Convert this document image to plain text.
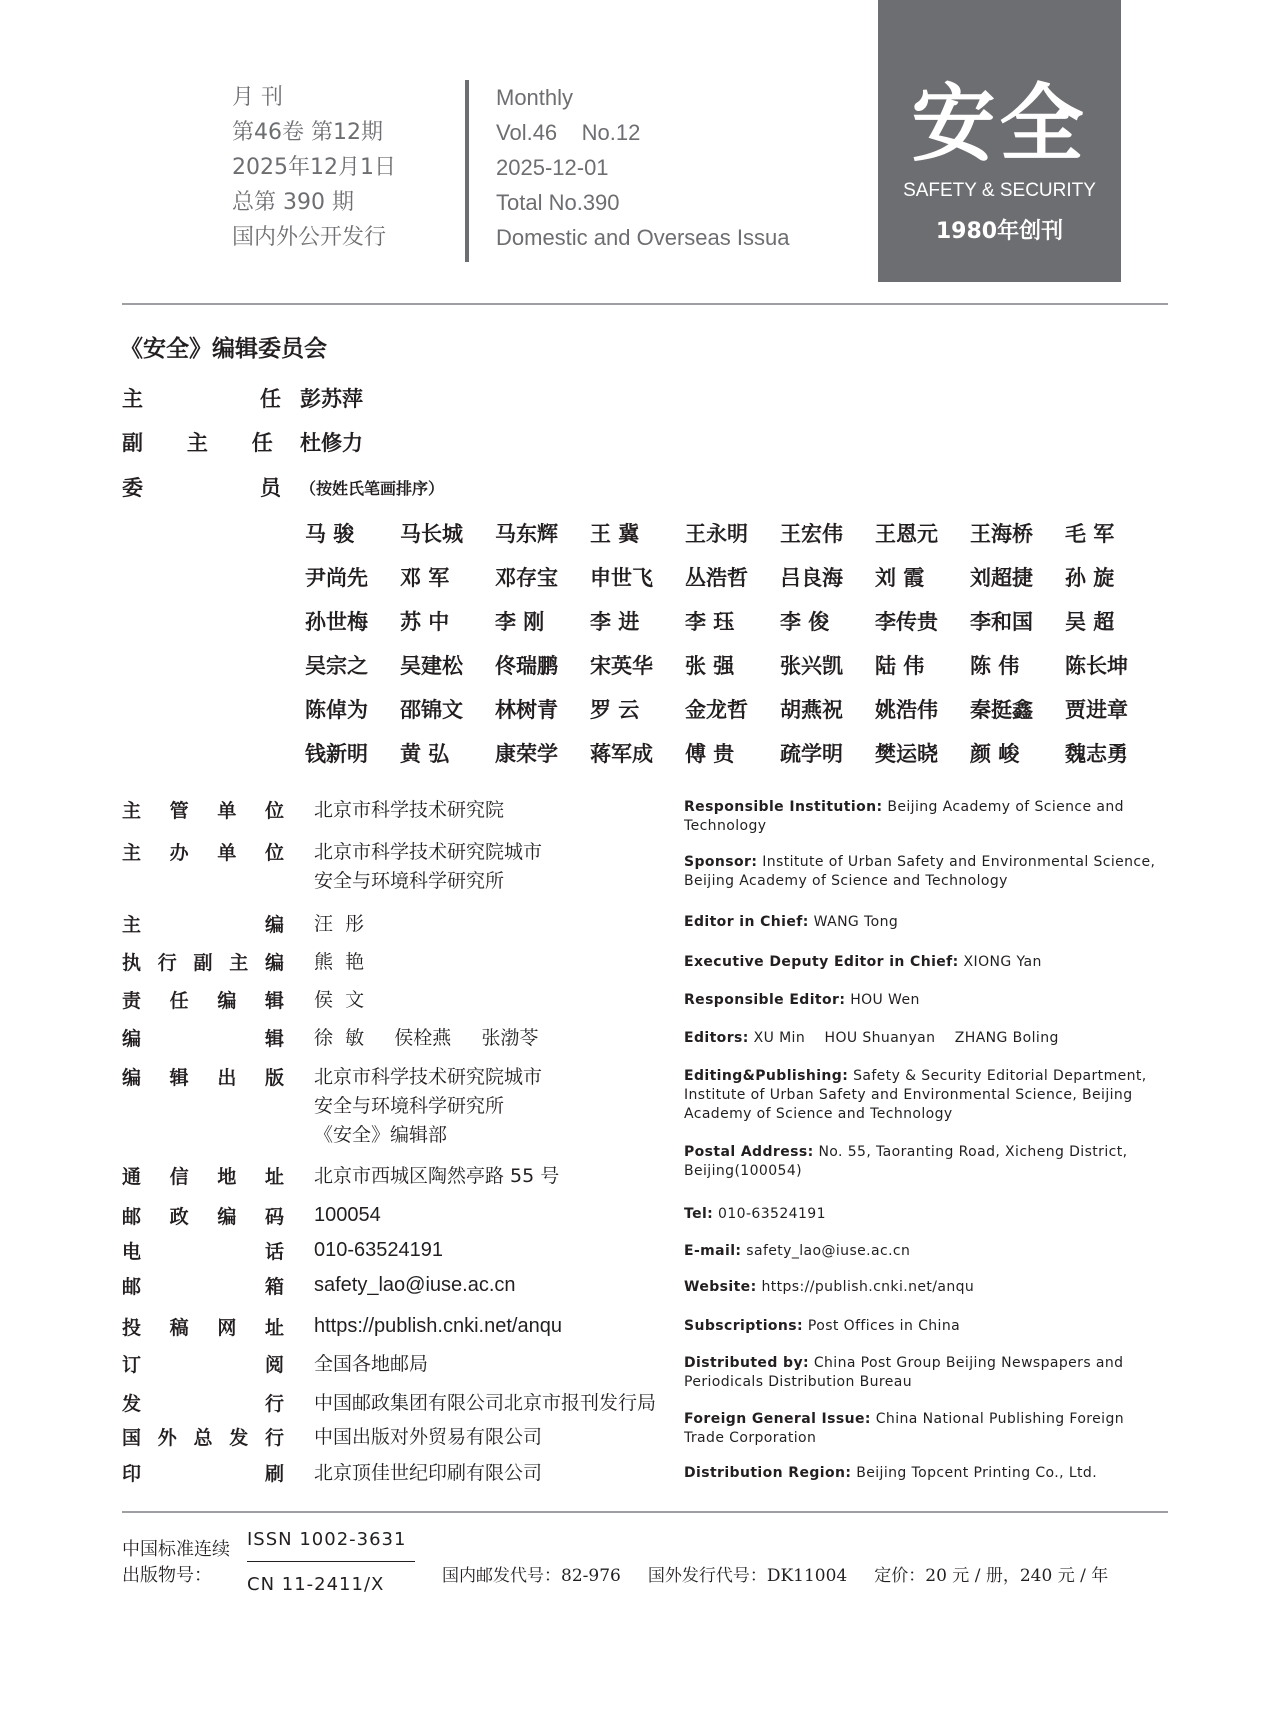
月 刊
第46卷 第12期
2025年12月1日
总第 390 期
国内外公开发行
Monthly
Vol.46    No.12
2025-12-01
Total No.390
Domestic and Overseas Issua
安全
SAFETY & SECURITY
1980年创刊
《安全》编辑委员会
主                任 彭苏萍
副      主      任 杜修力
委                员 （按姓氏笔画排序）
马 骏 马长城 马东辉 王 冀 王永明 王宏伟 王恩元 王海桥 毛 军
尹尚先 邓 军 邓存宝 申世飞 丛浩哲 吕良海 刘 霞 刘超捷 孙 旋
孙世梅 苏 中 李 刚 李 进 李 珏 李 俊 李传贵 李和国 吴 超
吴宗之 吴建松 佟瑞鹏 宋英华 张 强 张兴凯 陆 伟 陈 伟 陈长坤
陈倬为 邵锦文 林树青 罗 云 金龙哲 胡燕祝 姚浩伟 秦挺鑫 贾进章
钱新明 黄 弘 康荣学 蒋军成 傅 贵 疏学明 樊运晓 颜 峻 魏志勇
主管单位 北京市科学技术研究院
主办单位 北京市科学技术研究院城市
安全与环境科学研究所
主编 汪  彤
执行副主编 熊  艳
责任编辑 侯  文
编辑 徐  敏     侯栓燕     张渤苓
编辑出版 北京市科学技术研究院城市
安全与环境科学研究所
《安全》编辑部
通信地址 北京市西城区陶然亭路 55 号
邮政编码 100054
电话 010-63524191
邮箱 safety_lao@iuse.ac.cn
投稿网址 https://publish.cnki.net/anqu
订阅 全国各地邮局
发行 中国邮政集团有限公司北京市报刊发行局
国外总发行 中国出版对外贸易有限公司
印刷 北京顶佳世纪印刷有限公司
Responsible Institution: Beijing Academy of Science and Technology
Sponsor: Institute of Urban Safety and Environmental Science, Beijing Academy of Science and Technology
Editor in Chief: WANG Tong
Executive Deputy Editor in Chief: XIONG Yan
Responsible Editor: HOU Wen
Editors: XU Min    HOU Shuanyan    ZHANG Boling
Editing&Publishing: Safety & Security Editorial Department, Institute of Urban Safety and Environmental Science, Beijing Academy of Science and Technology
Postal Address: No. 55, Taoranting Road, Xicheng District, Beijing(100054)
Tel: 010-63524191
E-mail: safety_lao@iuse.ac.cn
Website: https://publish.cnki.net/anqu
Subscriptions: Post Offices in China
Distributed by: China Post Group Beijing Newspapers and Periodicals Distribution Bureau
Foreign General Issue: China National Publishing Foreign Trade Corporation
Distribution Region: Beijing Topcent Printing Co., Ltd.
中国标准连续
出版物号：
ISSN 1002-3631
CN 11-2411/X	国内邮发代号：82-976     国外发行代号：DK11004     定价：20 元 / 册，240 元 / 年
